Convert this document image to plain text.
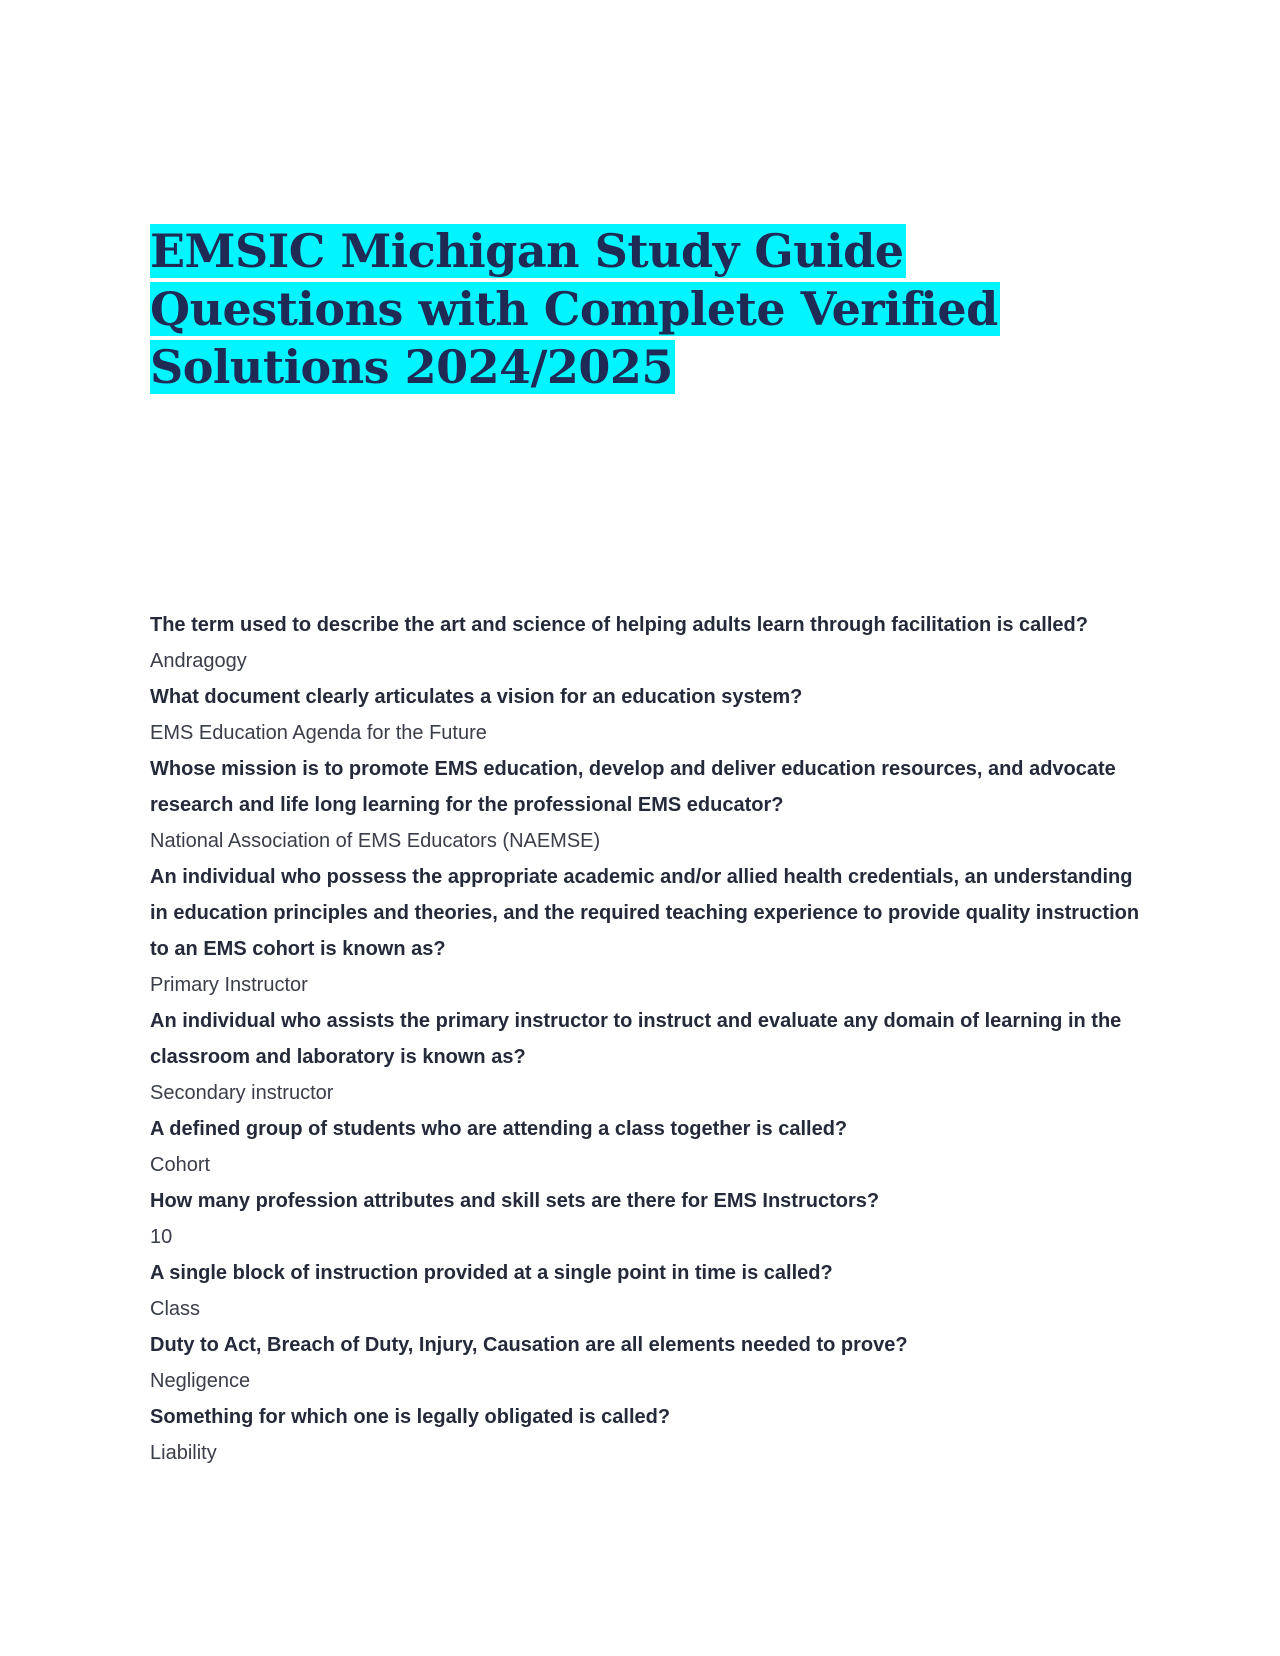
EMSIC Michigan Study Guide Questions with Complete Verified Solutions 2024/2025

The term used to describe the art and science of helping adults learn through facilitation is called?

Andragogy

What document clearly articulates a vision for an education system?

EMS Education Agenda for the Future

Whose mission is to promote EMS education, develop and deliver education resources, and advocate research and life long learning for the professional EMS educator?

National Association of EMS Educators (NAEMSE)

An individual who possess the appropriate academic and/or allied health credentials, an understanding in education principles and theories, and the required teaching experience to provide quality instruction to an EMS cohort is known as?

Primary Instructor

An individual who assists the primary instructor to instruct and evaluate any domain of learning in the classroom and laboratory is known as?

Secondary instructor

A defined group of students who are attending a class together is called?

Cohort

How many profession attributes and skill sets are there for EMS Instructors?

10

A single block of instruction provided at a single point in time is called?

Class

Duty to Act, Breach of Duty, Injury, Causation are all elements needed to prove?

Negligence

Something for which one is legally obligated is called?

Liability
